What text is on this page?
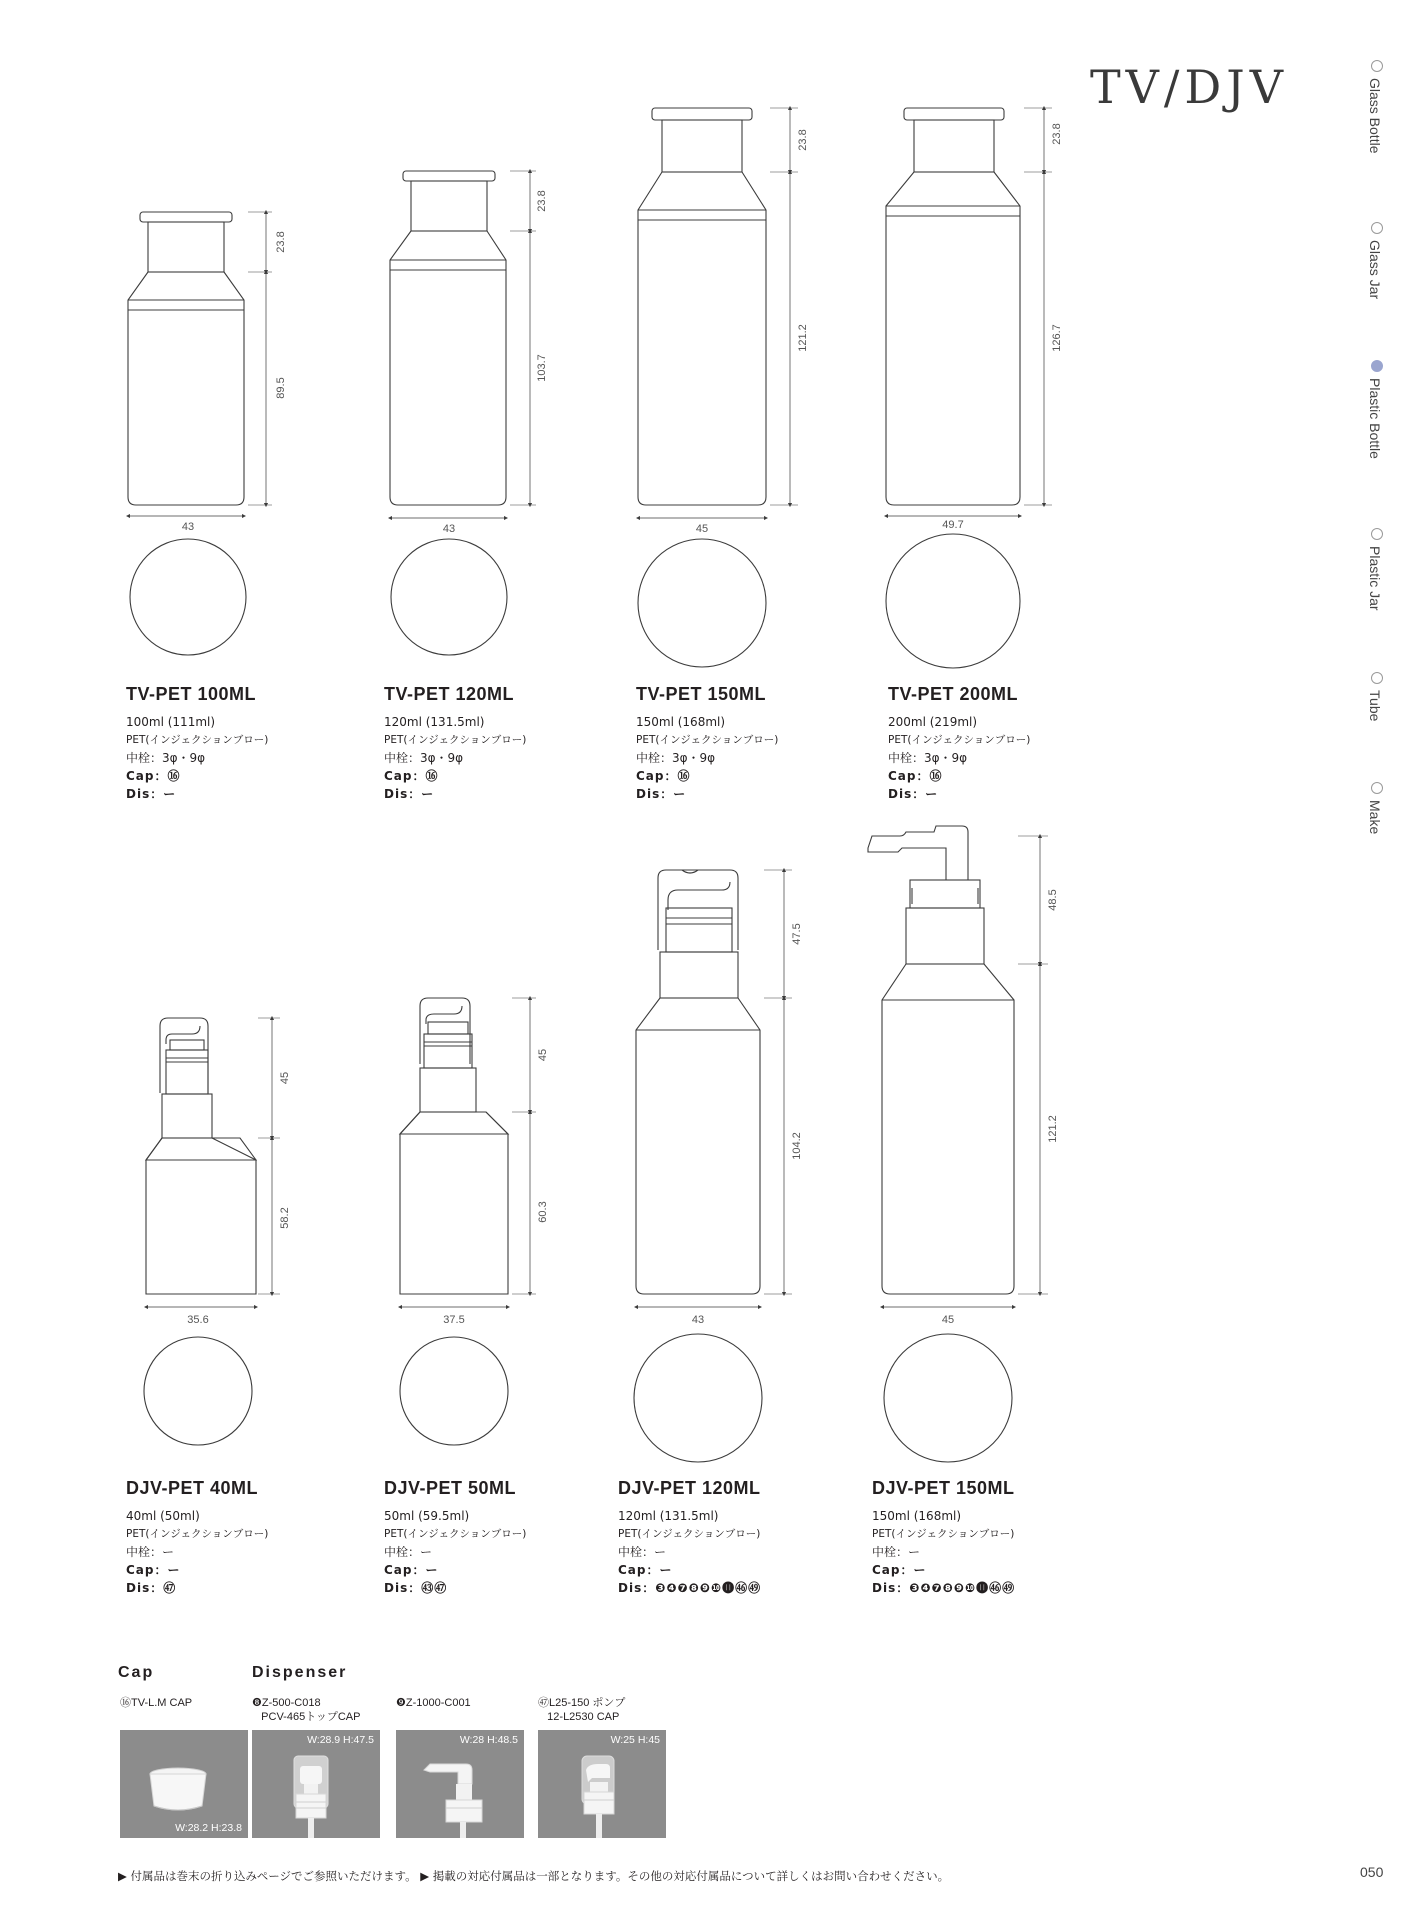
TV/DJV	Glass Bottle
Glass Jar
Plastic Bottle
Plastic Jar
Tube
Make
23.8
89.5
43
23.8
103.7
43
23.8
121.2
45
23.8
126.7
49.7
45
58.2
35.6
45
60.3
37.5
47.5
104.2
43
48.5
121.2
45
TV-PET 100ML
100ml (111ml)
PET(インジェクションブロー)
中栓：3φ・9φ
Cap：⑯
Dis：ー
TV-PET 120ML
120ml (131.5ml)
PET(インジェクションブロー)
中栓：3φ・9φ
Cap：⑯
Dis：ー
TV-PET 150ML
150ml (168ml)
PET(インジェクションブロー)
中栓：3φ・9φ
Cap：⑯
Dis：ー
TV-PET 200ML
200ml (219ml)
PET(インジェクションブロー)
中栓：3φ・9φ
Cap：⑯
Dis：ー
DJV-PET 40ML
40ml (50ml)
PET(インジェクションブロー)
中栓：ー
Cap：ー
Dis：㊼
DJV-PET 50ML
50ml (59.5ml)
PET(インジェクションブロー)
中栓：ー
Cap：ー
Dis：㊸㊼
DJV-PET 120ML
120ml (131.5ml)
PET(インジェクションブロー)
中栓：ー
Cap：ー
Dis：❸❹❼❽❾❿⓫㊻㊾
DJV-PET 150ML
150ml (168ml)
PET(インジェクションブロー)
中栓：ー
Cap：ー
Dis：❸❹❼❽❾❿⓫㊻㊾
Cap	Dispenser
⑯TV-L.M CAP	❽Z-500-C018
PCV-465トップCAP
❾Z-1000-C001	㊼L25-150 ポンプ
12-L2530 CAP
W:28.2 H:23.8
W:28.9 H:47.5	W:28 H:48.5	W:25 H:45
▶ 付属品は巻末の折り込みページでご参照いただけます。 ▶ 掲載の対応付属品は一部となります。その他の対応付属品について詳しくはお問い合わせください。	050
